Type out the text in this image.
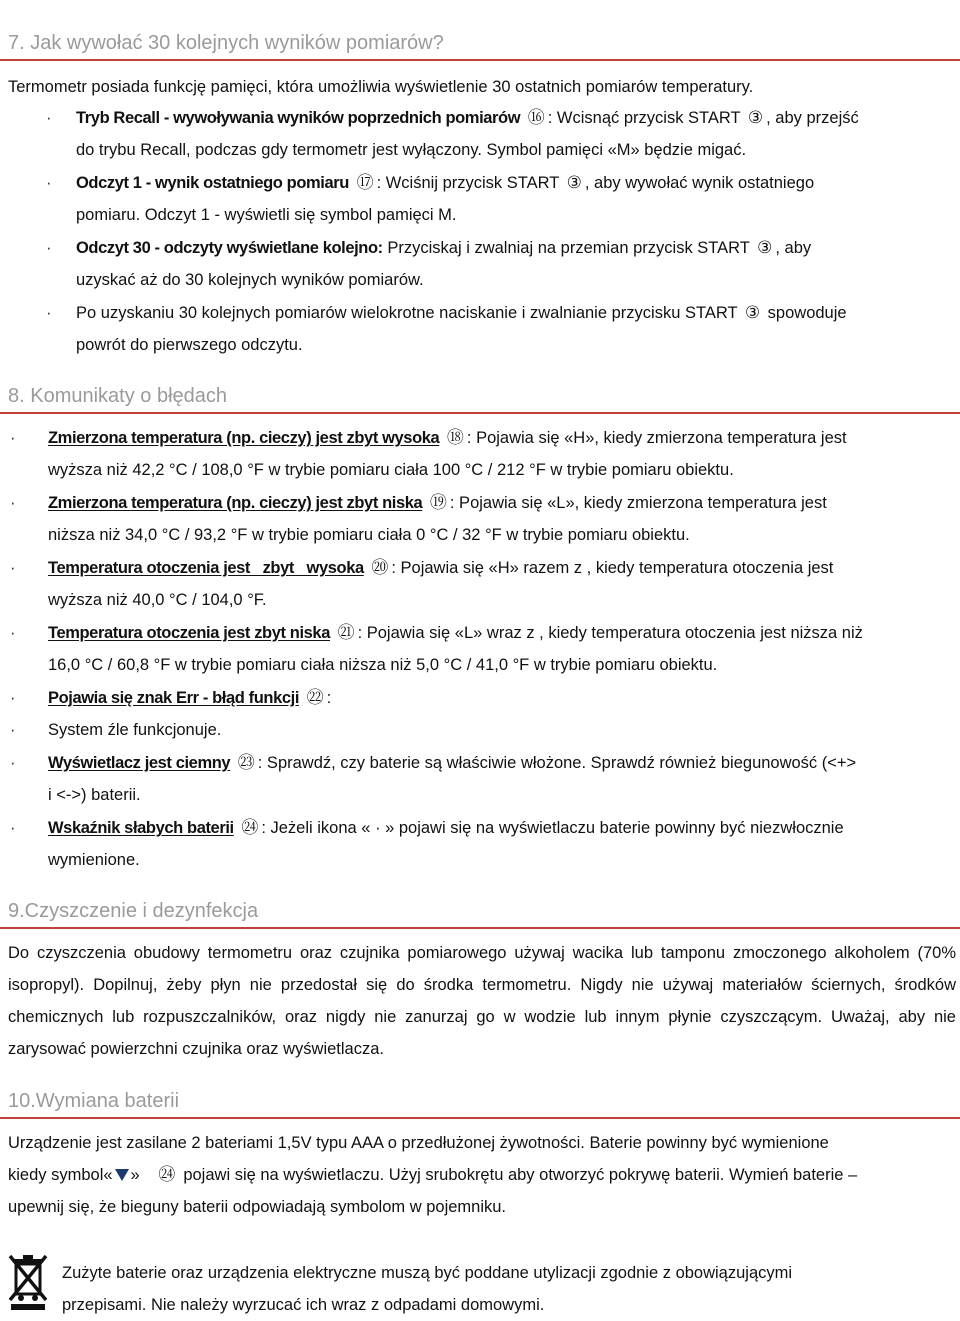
7. Jak wywołać 30 kolejnych wyników pomiarów?
Termometr posiada funkcję pamięci, która umożliwia wyświetlenie 30 ostatnich pomiarów temperatury.
· Tryb Recall - wywoływania wyników poprzednich pomiarów ⑯ : Wcisnąć przycisk START ③ , aby przejść
do trybu Recall, podczas gdy termometr jest wyłączony. Symbol pamięci «M» będzie migać.
· Odczyt 1 - wynik ostatniego pomiaru ⑰ : Wciśnij przycisk START ③ , aby wywołać wynik ostatniego
pomiaru. Odczyt 1 - wyświetli się symbol pamięci M.
· Odczyt 30 - odczyty wyświetlane kolejno: Przyciskaj i zwalniaj na przemian przycisk START ③ , aby
uzyskać aż do 30 kolejnych wyników pomiarów.
· Po uzyskaniu 30 kolejnych pomiarów wielokrotne naciskanie i zwalnianie przycisku START ③ spowoduje
powrót do pierwszego odczytu.
8. Komunikaty o błędach
· Zmierzona temperatura (np. cieczy) jest zbyt wysoka ⑱ : Pojawia się «H», kiedy zmierzona temperatura jest
wyższa niż 42,2 °C / 108,0 °F w trybie pomiaru ciała 100 °C / 212 °F w trybie pomiaru obiektu.
· Zmierzona temperatura (np. cieczy) jest zbyt niska ⑲ : Pojawia się «L», kiedy zmierzona temperatura jest
niższa niż 34,0 °C / 93,2 °F w trybie pomiaru ciała 0 °C / 32 °F w trybie pomiaru obiektu.
· Temperatura otoczenia jest   zbyt   wysoka ⑳ : Pojawia się «H» razem z , kiedy temperatura otoczenia jest
wyższa niż 40,0 °C / 104,0 °F.
· Temperatura otoczenia jest zbyt niska ㉑ : Pojawia się «L» wraz z , kiedy temperatura otoczenia jest niższa niż
16,0 °C / 60,8 °F w trybie pomiaru ciała niższa niż 5,0 °C / 41,0 °F w trybie pomiaru obiektu.
· Pojawia się znak Err - błąd funkcji ㉒ :
· System źle funkcjonuje.
· Wyświetlacz jest ciemny ㉓ : Sprawdź, czy baterie są właściwie włożone. Sprawdź również biegunowość (<+>
i <->) baterii.
· Wskaźnik słabych baterii ㉔ : Jeżeli ikona « · » pojawi się na wyświetlaczu baterie powinny być niezwłocznie
wymienione.
9.Czyszczenie i dezynfekcja
Do czyszczenia obudowy termometru oraz czujnika pomiarowego używaj wacika lub tamponu zmoczonego alkoholem (70% isopropyl). Dopilnuj, żeby płyn nie przedostał się do środka termometru. Nigdy nie używaj materiałów ściernych, środków chemicznych lub rozpuszczalników, oraz nigdy nie zanurzaj go w wodzie lub innym płynie czyszczącym. Uważaj, aby nie zarysować powierzchni czujnika oraz wyświetlacza.
10.Wymiana baterii
Urządzenie jest zasilane 2 bateriami 1,5V typu AAA o przedłużonej żywotności. Baterie powinny być wymienione
kiedy symbol« » ㉔ pojawi się na wyświetlaczu. Użyj srubokrętu aby otworzyć pokrywę baterii. Wymień baterie –
upewnij się, że bieguny baterii odpowiadają symbolom w pojemniku.
Zużyte baterie oraz urządzenia elektryczne muszą być poddane utylizacji zgodnie z obowiązującymi
przepisami. Nie należy wyrzucać ich wraz z odpadami domowymi.
